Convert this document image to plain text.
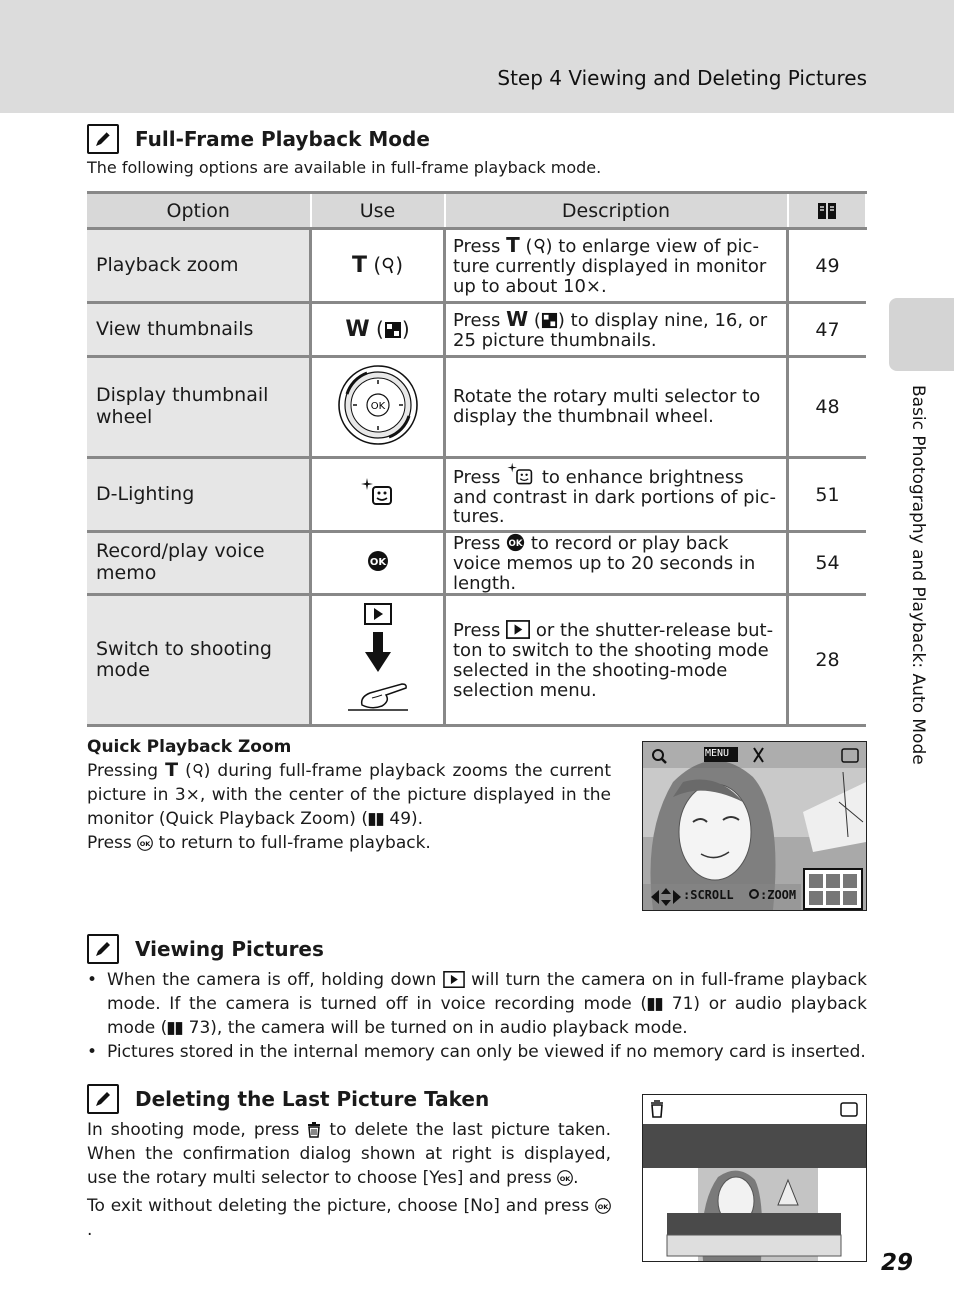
Step 4 Viewing and Deleting Pictures
Basic Photography and Playback: Auto Mode
Full-Frame Playback Mode
The following options are available in full-frame playback mode.
Option	Use	Description	
Playback zoom	T ( )	Press T ( ) to enlarge view of pic-ture currently displayed in monitor up to about 10×.	49
View thumbnails	W ( )	Press W ( ) to display nine, 16, or 25 picture thumbnails.	47
Display thumbnail wheel	OK	Rotate the rotary multi selector to display the thumbnail wheel.	48
D-Lighting		Press  to enhance brightness and contrast in dark portions of pic-tures.	51
Record/play voice memo	OK	Press OK to record or play back voice memos up to 20 seconds in length.	54
Switch to shooting mode		Press  or the shutter-release but-ton to switch to the shooting mode selected in the shooting-mode selection menu.	28
Quick Playback Zoom

Pressing T ( ) during full-frame playback zooms the current picture in 3×, with the center of the picture displayed in the monitor (Quick Playback Zoom) ( 49).

Press OK to return to full-frame playback.

MENU
:SCROLL :ZOOM
Viewing Pictures
• When the camera is off, holding down  will turn the camera on in full-frame playback mode. If the camera is turned off in voice recording mode ( 71) or audio playback mode ( 73), the camera will be turned on in audio playback mode.
• Pictures stored in the internal memory can only be viewed if no memory card is inserted.
Deleting the Last Picture Taken

In shooting mode, press  to delete the last picture taken. When the confirmation dialog shown at right is displayed, use the rotary multi selector to choose [Yes] and press OK .

To exit without deleting the picture, choose [No] and press OK
.

29
